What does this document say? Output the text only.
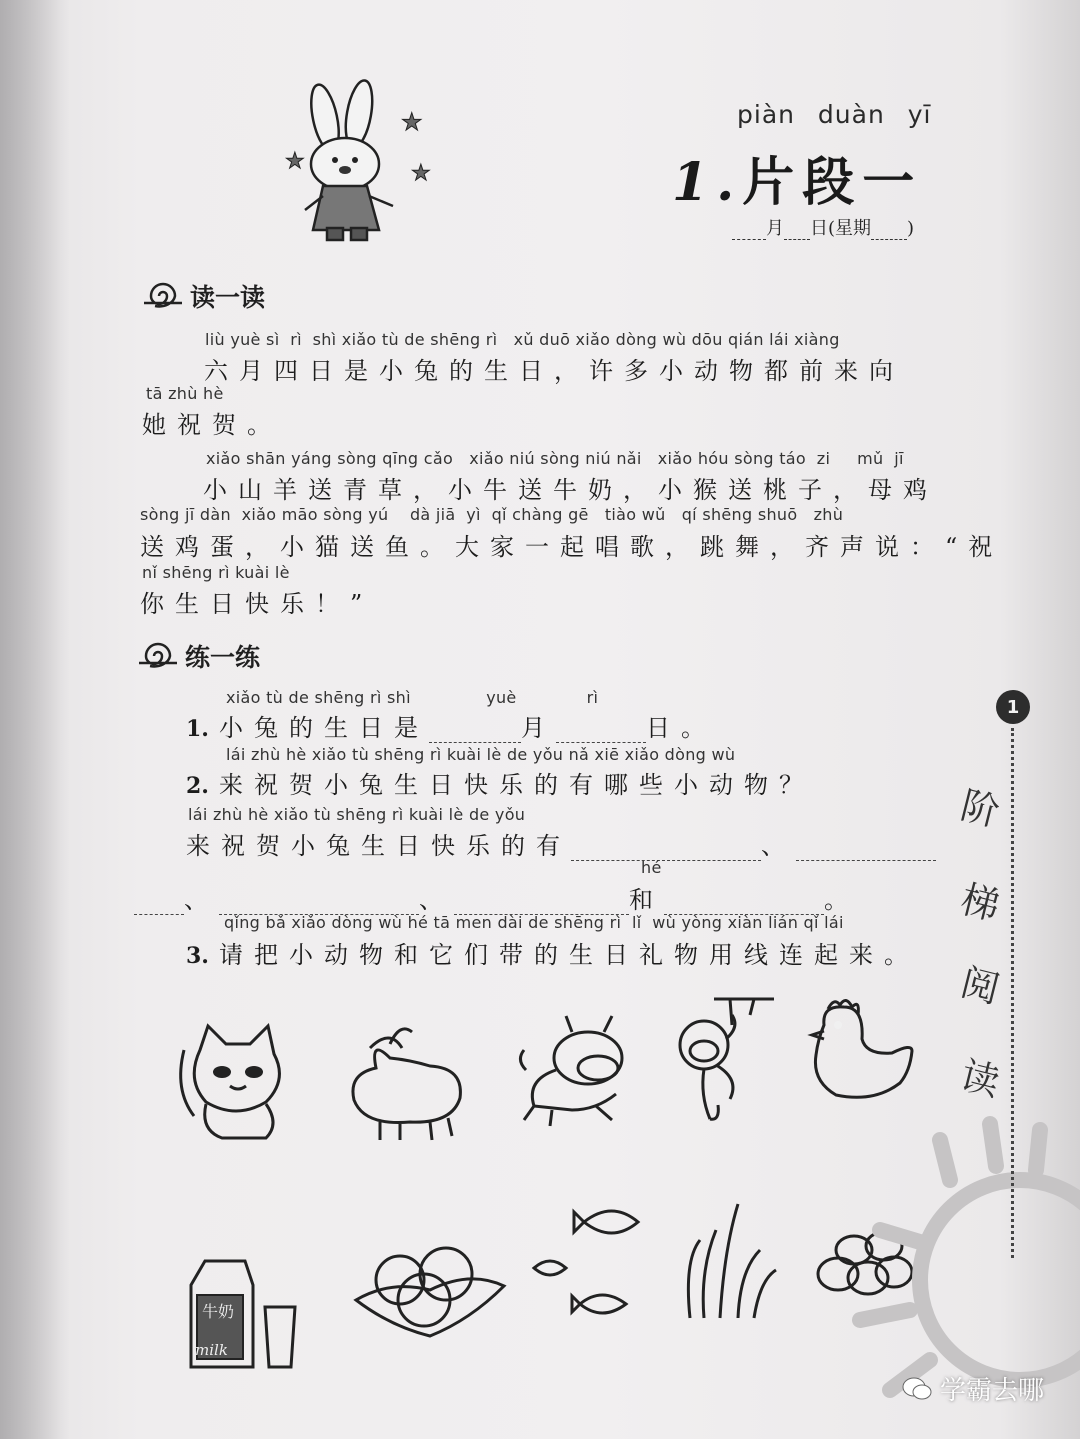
★
★	★
piàn duàn yī
1.片段一
月 日(星期 )
读一读
liù yuè sì  rì  shì xiǎo tù de shēng rì   xǔ duō xiǎo dòng wù dōu qián lái xiàng
六月四日是小兔的生日，许多小动物都前来向
tā zhù hè
她祝贺。
xiǎo shān yáng sòng qīng cǎo   xiǎo niú sòng niú nǎi   xiǎo hóu sòng táo  zi     mǔ  jī
小山羊送青草，小牛送牛奶，小猴送桃子，母鸡
sòng jī dàn  xiǎo māo sòng yú    dà jiā  yì  qǐ chàng gē   tiào wǔ   qí shēng shuō   zhù
送鸡蛋，小猫送鱼。大家一起唱歌，跳舞，齐声说：“祝
nǐ shēng rì kuài lè
你生日快乐！”
练一练
xiǎo tù de shēng rì shì              yuè             rì
1. 小兔的生日是	月	日。
lái zhù hè xiǎo tù shēng rì kuài lè de yǒu nǎ xiē xiǎo dòng wù
2. 来祝贺小兔生日快乐的有哪些小动物？
lái zhù hè xiǎo tù shēng rì kuài lè de yǒu
来祝贺小兔生日快乐的有	、
hé
、	、	和	。
qǐng bǎ xiǎo dòng wù hé tā men dài de shēng rì  lǐ  wù yòng xiàn lián qǐ lái
3. 请把小动物和它们带的生日礼物用线连起来。
牛奶
milk
1
阶
梯
阅
读
学霸去哪
